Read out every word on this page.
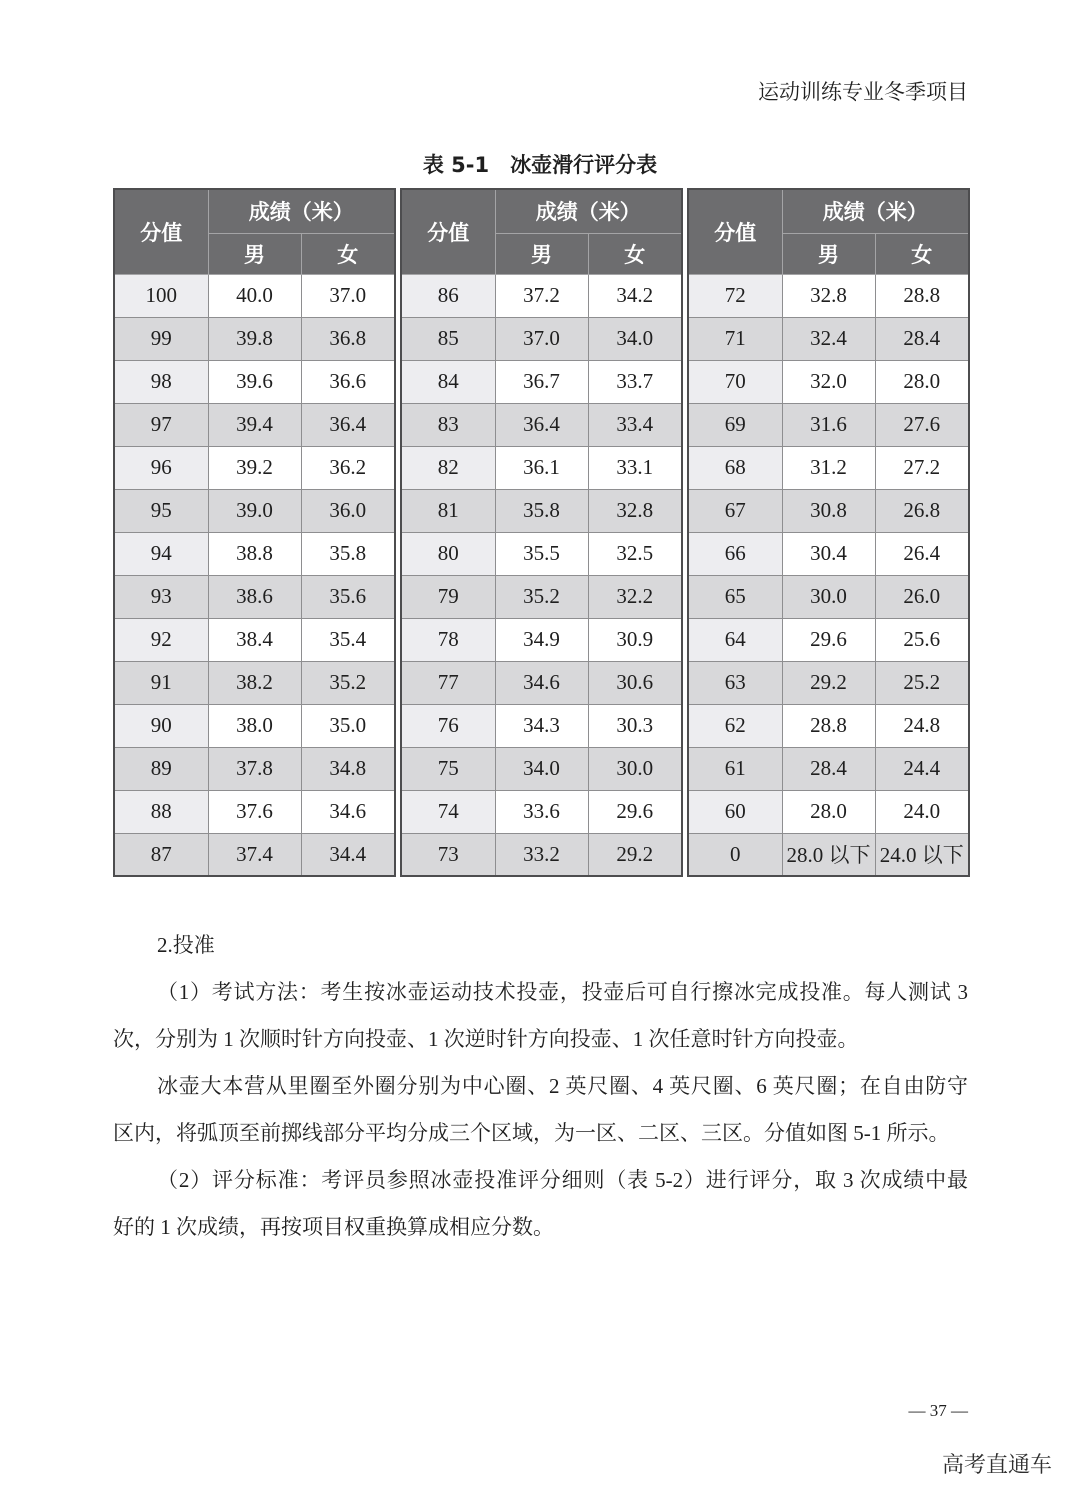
运动训练专业冬季项目
表 5-1　冰壶滑行评分表
分值	成绩（米）	
	男	女
100	40.0	37.0
99	39.8	36.8
98	39.6	36.6
97	39.4	36.4
96	39.2	36.2
95	39.0	36.0
94	38.8	35.8
93	38.6	35.6
92	38.4	35.4
91	38.2	35.2
90	38.0	35.0
89	37.8	34.8
88	37.6	34.6
87	37.4	34.4
分值	成绩（米）	
	男	女
86	37.2	34.2
85	37.0	34.0
84	36.7	33.7
83	36.4	33.4
82	36.1	33.1
81	35.8	32.8
80	35.5	32.5
79	35.2	32.2
78	34.9	30.9
77	34.6	30.6
76	34.3	30.3
75	34.0	30.0
74	33.6	29.6
73	33.2	29.2
分值	成绩（米）	
	男	女
72	32.8	28.8
71	32.4	28.4
70	32.0	28.0
69	31.6	27.6
68	31.2	27.2
67	30.8	26.8
66	30.4	26.4
65	30.0	26.0
64	29.6	25.6
63	29.2	25.2
62	28.8	24.8
61	28.4	24.4
60	28.0	24.0
0	28.0 以下	24.0 以下
2.投准

（1）考试方法：考生按冰壶运动技术投壶，投壶后可自行擦冰完成投准。每人测试 3
次，分别为 1 次顺时针方向投壶、1 次逆时针方向投壶、1 次任意时针方向投壶。

冰壶大本营从里圈至外圈分别为中心圈、2 英尺圈、4 英尺圈、6 英尺圈；在自由防守
区内，将弧顶至前掷线部分平均分成三个区域，为一区、二区、三区。分值如图 5-1 所示。

（2）评分标准：考评员参照冰壶投准评分细则（表 5-2）进行评分，取 3 次成绩中最
好的 1 次成绩，再按项目权重换算成相应分数。

— 37 —
高考直通车
